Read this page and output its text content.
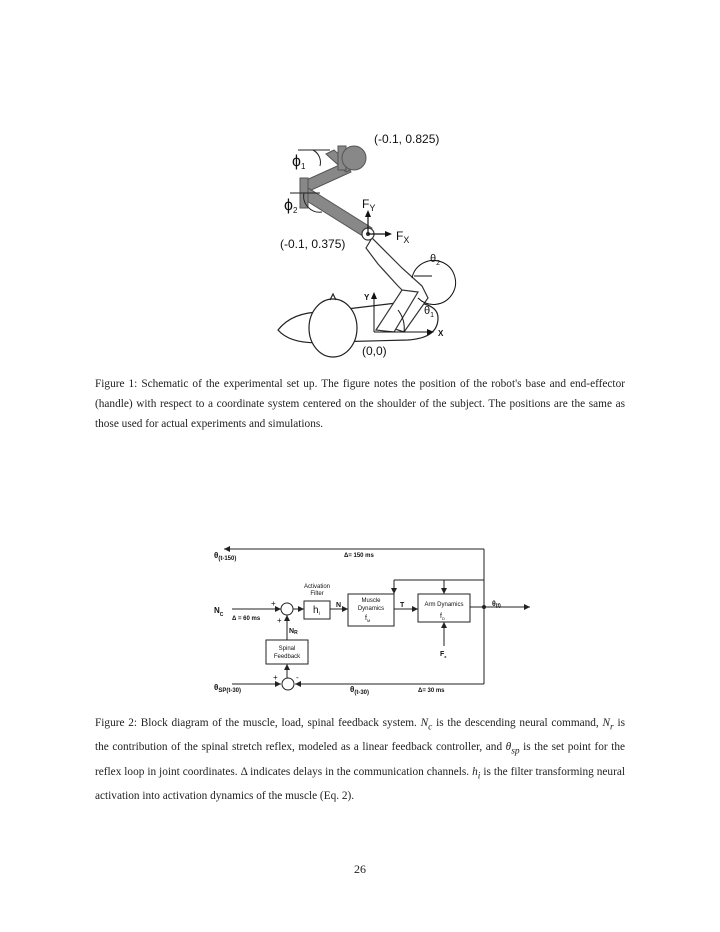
ϕ1
ϕ2
(-0.1, 0.825)
(-0.1, 0.375)
$F_Y$
$F_X$
$\theta_2$
$\theta_1$
Y
X
(0,0)
Figure 1: Schematic of the experimental set up. The figure notes the position of the robot's base and end-effector (handle) with respect to a coordinate system centered on the shoulder of the subject. The positions are the same as those used for actual experiments and simulations.
$\theta_{(t-150)}$	Δ= 150 ms
Activation
Filter
$h_i$
N
Muscle
Dynamics
$f_M$
T	Arm Dynamics
$f_D$
θ(t)
$N_C$
Δ = 60 ms
+
+
NR
Spinal
Feedback	$F_x$
+ -
$\theta_{SP(t-30)}$	$\theta_{(t-30)}$	Δ= 30 ms
Figure 2: Block diagram of the muscle, load, spinal feedback system. $N_c$ is the descending neural command, $N_r$ is the contribution of the spinal stretch reflex, modeled as a linear feedback controller, and $\theta_{sp}$ is the set point for the reflex loop in joint coordinates. Δ indicates delays in the communication channels. $h_i$ is the filter transforming neural activation into activation dynamics of the muscle (Eq. 2).
26
